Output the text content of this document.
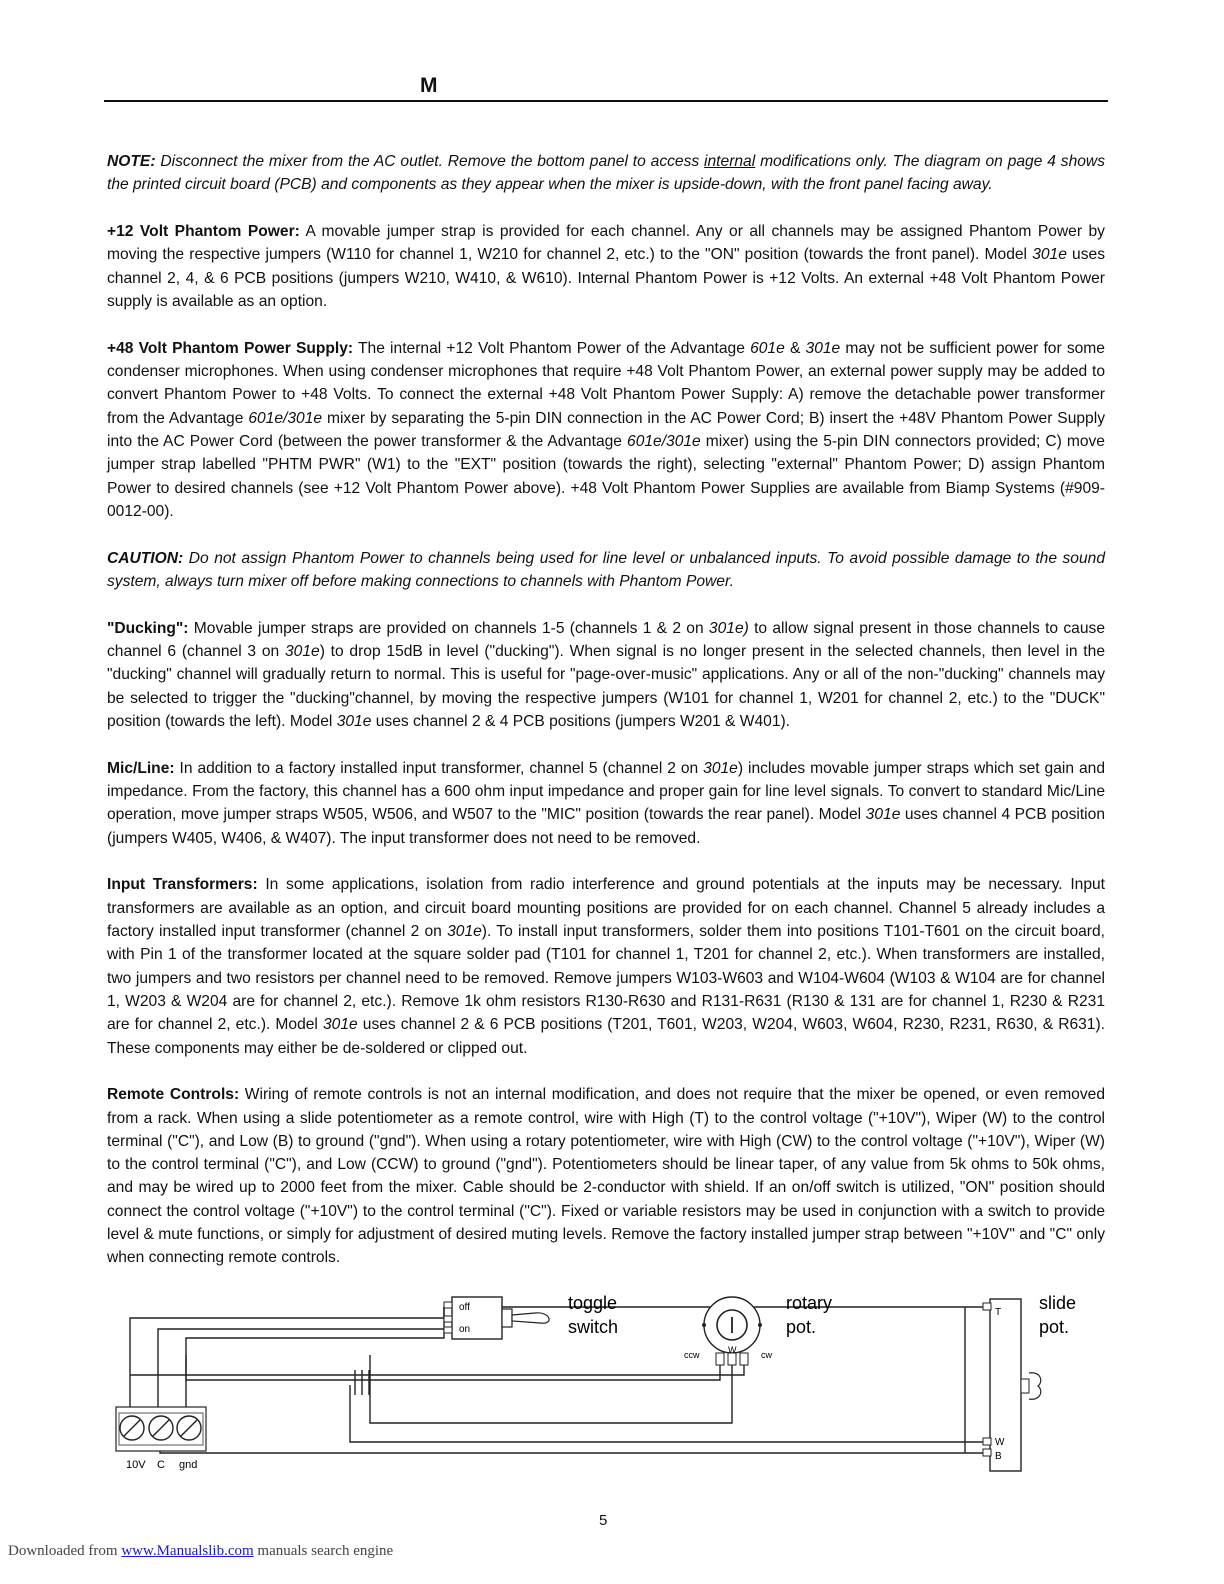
M

NOTE: Disconnect the mixer from the AC outlet. Remove the bottom panel to access internal modifications only. The diagram on page 4 shows the printed circuit board (PCB) and components as they appear when the mixer is upside-down, with the front panel facing away.

+12 Volt Phantom Power: A movable jumper strap is provided for each channel. Any or all channels may be assigned Phantom Power by moving the respective jumpers (W110 for channel 1, W210 for channel 2, etc.) to the "ON" position (towards the front panel). Model 301e uses channel 2, 4, & 6 PCB positions (jumpers W210, W410, & W610). Internal Phantom Power is +12 Volts. An external +48 Volt Phantom Power supply is available as an option.

+48 Volt Phantom Power Supply: The internal +12 Volt Phantom Power of the Advantage 601e & 301e may not be sufficient power for some condenser microphones. When using condenser microphones that require +48 Volt Phantom Power, an external power supply may be added to convert Phantom Power to +48 Volts. To connect the external +48 Volt Phantom Power Supply: A) remove the detachable power transformer from the Advantage 601e/301e mixer by separating the 5-pin DIN connection in the AC Power Cord; B) insert the +48V Phantom Power Supply into the AC Power Cord (between the power transformer & the Advantage 601e/301e mixer) using the 5-pin DIN connectors provided; C) move jumper strap labelled "PHTM PWR" (W1) to the "EXT" position (towards the right), selecting "external" Phantom Power; D) assign Phantom Power to desired channels (see +12 Volt Phantom Power above). +48 Volt Phantom Power Supplies are available from Biamp Systems (#909-0012-00).

CAUTION: Do not assign Phantom Power to channels being used for line level or unbalanced inputs. To avoid possible damage to the sound system, always turn mixer off before making connections to channels with Phantom Power.

"Ducking": Movable jumper straps are provided on channels 1-5 (channels 1 & 2 on 301e) to allow signal present in those channels to cause channel 6 (channel 3 on 301e) to drop 15dB in level ("ducking"). When signal is no longer present in the selected channels, then level in the "ducking" channel will gradually return to normal. This is useful for "page-over-music" applications. Any or all of the non-"ducking" channels may be selected to trigger the "ducking"channel, by moving the respective jumpers (W101 for channel 1, W201 for channel 2, etc.) to the "DUCK" position (towards the left). Model 301e uses channel 2 & 4 PCB positions (jumpers W201 & W401).

Mic/Line: In addition to a factory installed input transformer, channel 5 (channel 2 on 301e) includes movable jumper straps which set gain and impedance. From the factory, this channel has a 600 ohm input impedance and proper gain for line level signals. To convert to standard Mic/Line operation, move jumper straps W505, W506, and W507 to the "MIC" position (towards the rear panel). Model 301e uses channel 4 PCB position (jumpers W405, W406, & W407). The input transformer does not need to be removed.

Input Transformers: In some applications, isolation from radio interference and ground potentials at the inputs may be necessary. Input transformers are available as an option, and circuit board mounting positions are provided for on each channel. Channel 5 already includes a factory installed input transformer (channel 2 on 301e). To install input transformers, solder them into positions T101-T601 on the circuit board, with Pin 1 of the transformer located at the square solder pad (T101 for channel 1, T201 for channel 2, etc.). When transformers are installed, two jumpers and two resistors per channel need to be removed. Remove jumpers W103-W603 and W104-W604 (W103 & W104 are for channel 1, W203 & W204 are for channel 2, etc.). Remove 1k ohm resistors R130-R630 and R131-R631 (R130 & 131 are for channel 1, R230 & R231 are for channel 2, etc.). Model 301e uses channel 2 & 6 PCB positions (T201, T601, W203, W204, W603, W604, R230, R231, R630, & R631). These components may either be de-soldered or clipped out.

Remote Controls: Wiring of remote controls is not an internal modification, and does not require that the mixer be opened, or even removed from a rack. When using a slide potentiometer as a remote control, wire with High (T) to the control voltage ("+10V"), Wiper (W) to the control terminal ("C"), and Low (B) to ground ("gnd"). When using a rotary potentiometer, wire with High (CW) to the control voltage ("+10V"), Wiper (W) to the control terminal ("C"), and Low (CCW) to ground ("gnd"). Potentiometers should be linear taper, of any value from 5k ohms to 50k ohms, and may be wired up to 2000 feet from the mixer. Cable should be 2-conductor with shield. If an on/off switch is utilized, "ON" position should connect the control voltage ("+10V") to the control terminal ("C"). Fixed or variable resistors may be used in conjunction with a switch to provide level & mute functions, or simply for adjustment of desired muting levels. Remove the factory installed jumper strap between "+10V" and "C" only when connecting remote controls.

off
on
toggle
switch
ccw	W	cw
rotary
pot.
T
W
B
slide
pot.
10V C gnd
5
Downloaded from www.Manualslib.com manuals search engine
